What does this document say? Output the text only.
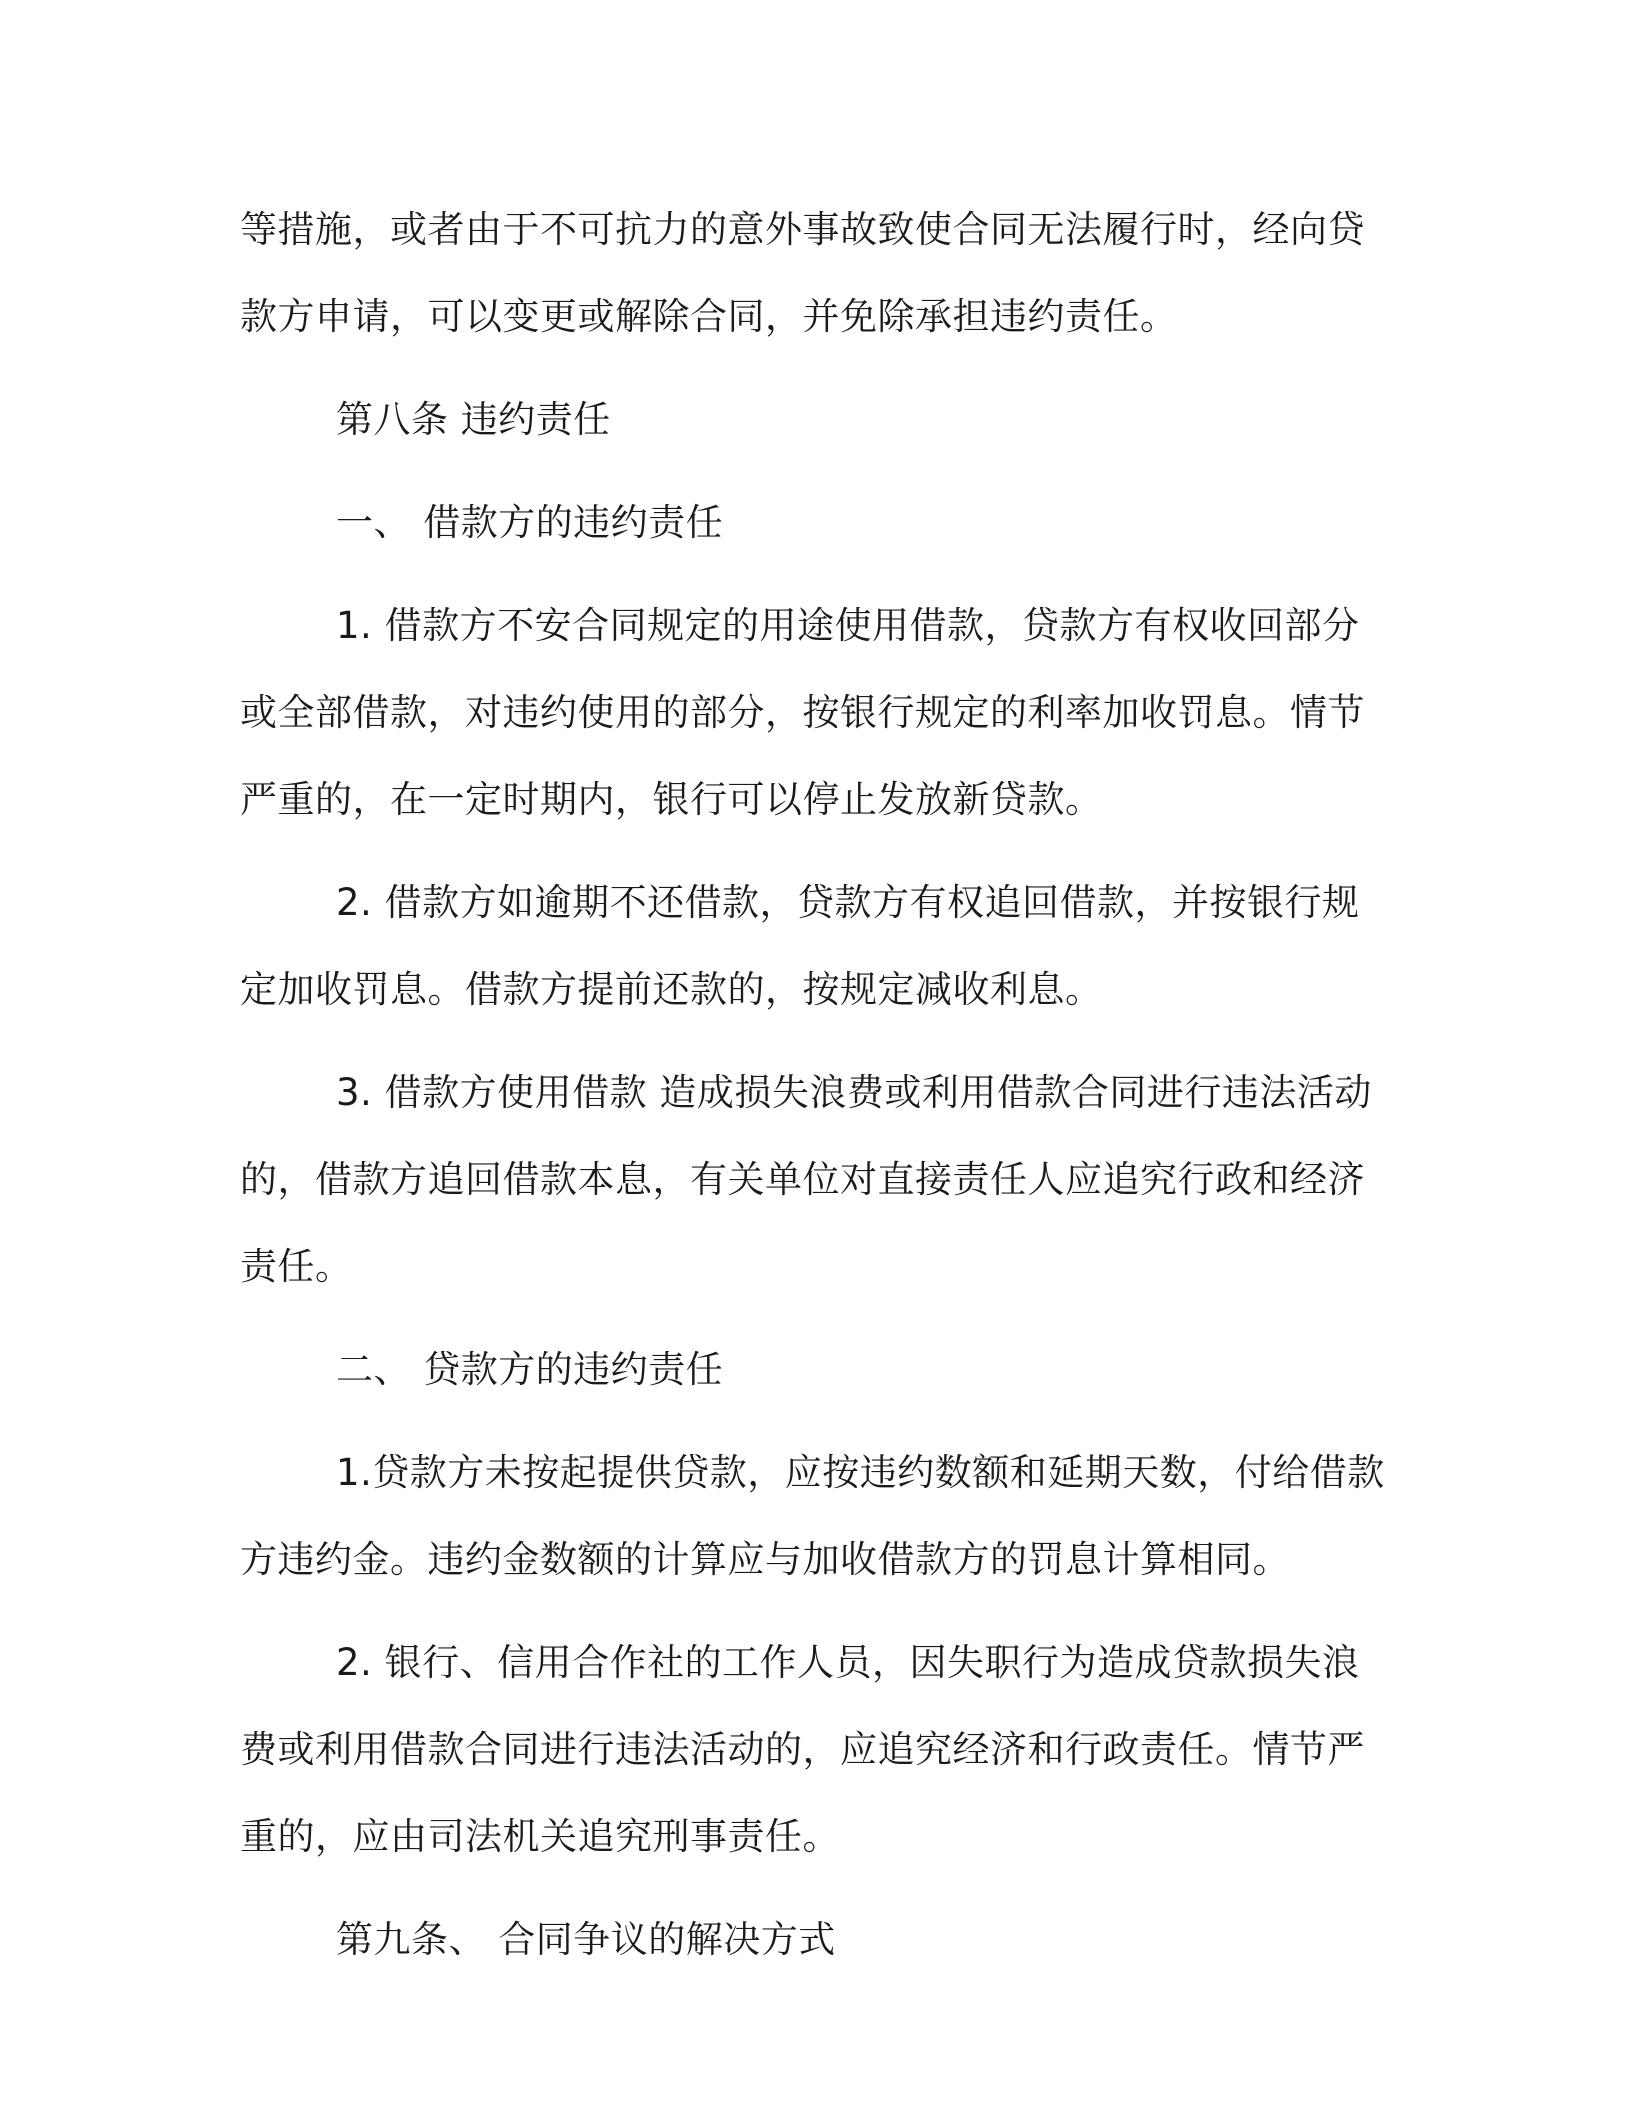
等措施，或者由于不可抗力的意外事故致使合同无法履行时，经向贷款方申请，可以变更或解除合同，并免除承担违约责任。

第八条 违约责任

一、 借款方的违约责任

1. 借款方不安合同规定的用途使用借款，贷款方有权收回部分或全部借款，对违约使用的部分，按银行规定的利率加收罚息。情节严重的，在一定时期内，银行可以停止发放新贷款。

2. 借款方如逾期不还借款，贷款方有权追回借款，并按银行规定加收罚息。借款方提前还款的，按规定减收利息。

3. 借款方使用借款 造成损失浪费或利用借款合同进行违法活动的，借款方追回借款本息，有关单位对直接责任人应追究行政和经济责任。

二、 贷款方的违约责任

1.贷款方未按起提供贷款，应按违约数额和延期天数，付给借款方违约金。违约金数额的计算应与加收借款方的罚息计算相同。

2. 银行、信用合作社的工作人员，因失职行为造成贷款损失浪费或利用借款合同进行违法活动的，应追究经济和行政责任。情节严重的，应由司法机关追究刑事责任。

第九条、 合同争议的解决方式
